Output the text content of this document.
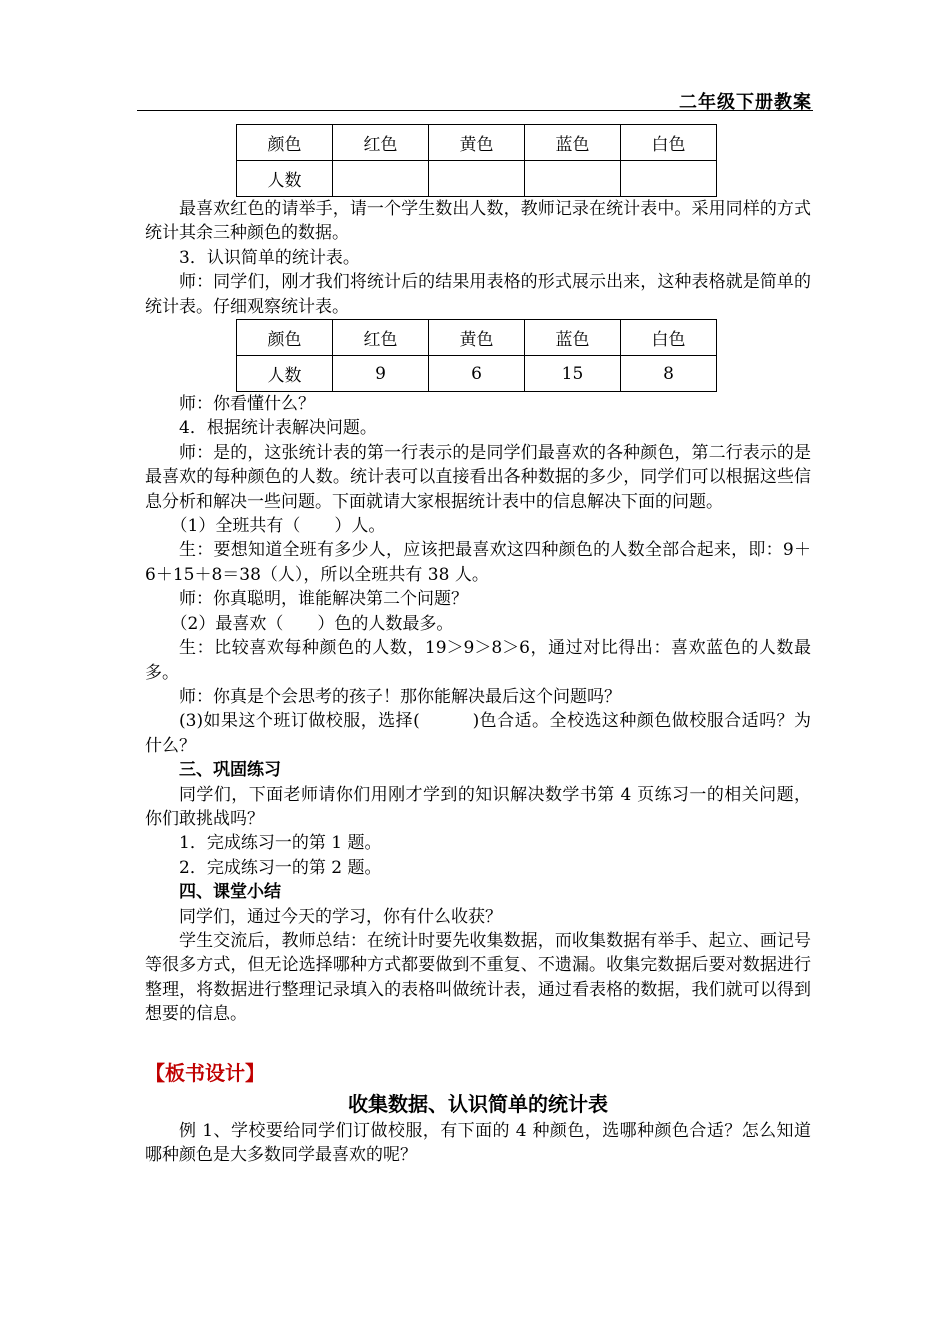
二年级下册教案
颜色	红色	黄色	蓝色	白色
人数				

最喜欢红色的请举手，请一个学生数出人数，教师记录在统计表中。采用同样的方式统计其余三种颜色的数据。

3．认识简单的统计表。

师：同学们，刚才我们将统计后的结果用表格的形式展示出来，这种表格就是简单的统计表。仔细观察统计表。

颜色	红色	黄色	蓝色	白色
人数	9	6	15	8

师：你看懂什么？

4．根据统计表解决问题。

师：是的，这张统计表的第一行表示的是同学们最喜欢的各种颜色，第二行表示的是最喜欢的每种颜色的人数。统计表可以直接看出各种数据的多少，同学们可以根据这些信息分析和解决一些问题。下面就请大家根据统计表中的信息解决下面的问题。

（1）全班共有（　　）人。

生：要想知道全班有多少人，应该把最喜欢这四种颜色的人数全部合起来，即：9＋6＋15＋8＝38（人），所以全班共有 38 人。

师：你真聪明，谁能解决第二个问题？

（2）最喜欢（　　）色的人数最多。

生：比较喜欢每种颜色的人数，19＞9＞8＞6，通过对比得出：喜欢蓝色的人数最多。

师：你真是个会思考的孩子！那你能解决最后这个问题吗？

(3)如果这个班订做校服，选择(　　　)色合适。全校选这种颜色做校服合适吗？为什么？

三、巩固练习

同学们，下面老师请你们用刚才学到的知识解决数学书第 4 页练习一的相关问题，你们敢挑战吗？

1．完成练习一的第 1 题。

2．完成练习一的第 2 题。

四、课堂小结

同学们，通过今天的学习，你有什么收获？

学生交流后，教师总结：在统计时要先收集数据，而收集数据有举手、起立、画记号等很多方式，但无论选择哪种方式都要做到不重复、不遗漏。收集完数据后要对数据进行整理，将数据进行整理记录填入的表格叫做统计表，通过看表格的数据，我们就可以得到想要的信息。

【板书设计】
收集数据、认识简单的统计表

例 1、学校要给同学们订做校服，有下面的 4 种颜色，选哪种颜色合适？怎么知道哪种颜色是大多数同学最喜欢的呢？
